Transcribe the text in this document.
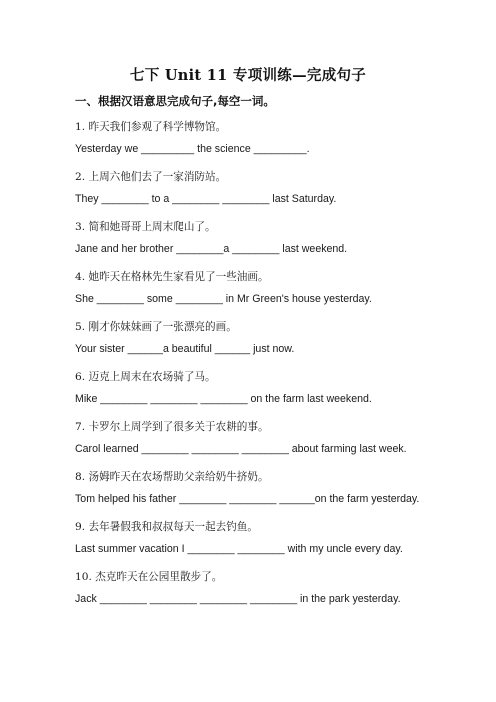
七下 Unit 11 专项训练—完成句子
一、根据汉语意思完成句子,每空一词。
1. 昨天我们参观了科学博物馆。
Yesterday we _________ the science _________.
2. 上周六他们去了一家消防站。
They ________ to a ________ ________ last Saturday.
3. 简和她哥哥上周末爬山了。
Jane and her brother ________a ________ last weekend.
4. 她昨天在格林先生家看见了一些油画。
She ________ some ________ in Mr Green's house yesterday.
5. 刚才你妹妹画了一张漂亮的画。
Your sister ______a beautiful ______ just now.
6. 迈克上周末在农场骑了马。
Mike ________ ________ ________ on the farm last weekend.
7. 卡罗尔上周学到了很多关于农耕的事。
Carol learned ________ ________ ________ about farming last week.
8. 汤姆昨天在农场帮助父亲给奶牛挤奶。
Tom helped his father ________ ________ ______on the farm yesterday.
9. 去年暑假我和叔叔每天一起去钓鱼。
Last summer vacation I ________ ________ with my uncle every day.
10. 杰克昨天在公园里散步了。
Jack ________ ________ ________ ________ in the park yesterday.
